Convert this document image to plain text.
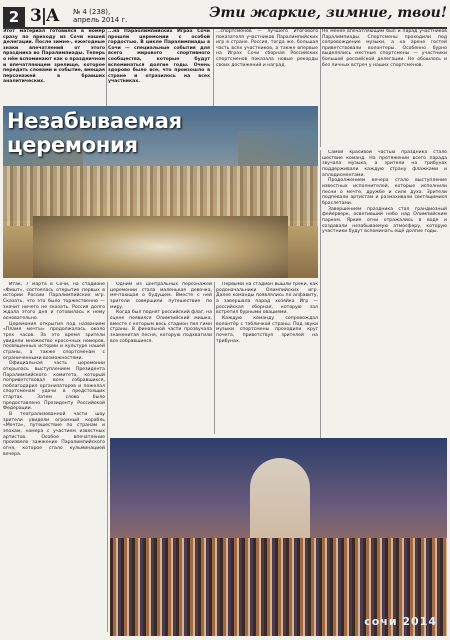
2 3|A № 4 (238),
апрель 2014 г.	Эти жаркие, зимние, твои!
Этот материал готовился в номер сразу по приходу из Сочи нашей делегации. После зимне-, ежегодные знаки впечатлений от этого праздника во Паралимпиады. Теперь о нём вспоминают как о праздничном и впечатляющем зрелище, которое передать словами и событие, вмещая персонажей в бравших аналитических.
...на Параолимпийских Играх Сочи прошли церемонии с особой гордостью. В цикле Паралимпиады в Сочи — специальные события для всего мирового спортивного сообщества, которые будут вспоминаться долгие годы. Очень здорово было все, что произошло в стране и отразилось на всех участниках.
...спортсменов — лучшего итогового показателя участников Паралимпийских игр в стране. Россия, тогда же, большая часть всех участников, а также впервые на Играх Сочи сборная Российских спортсменов показала новые рекорды своих достижений и наград.
Не менее впечатляющим был и парад участников Паралимпиады. Спортсмены проходили под сопровождение музыки, а на арене гостей приветствовали волонтеры. Особенно бурно выделялись местные спортсмены — участники большой российской делегации. Не обошлось и без личных встреч у наших спортсменов.
Незабываемая церемония

Итак, 7 марта в Сочи, на стадионе «Фишт», состоялась открытие первых в истории России Паралимпийских игр. Сказать, что это было торжественно — значит ничего не сказать. Россия долго ждала этого дня и готовилась к нему основательно.

Церемония открытия под названием «Пламя мечты» продолжалась около трех часов. За это время зрители увидели множество красочных номеров, посвященных истории и культуре нашей страны, а также спортсменам с ограниченными возможностями.

Официальная часть церемонии открылась выступлением Президента Паралимпийского комитета, который поприветствовал всех собравшихся, поблагодарил организаторов и пожелал спортсменам удачи в предстоящих стартах. Затем слово было предоставлено Президенту Российской Федерации.

В театрализованной части шоу зрители увидели огромный корабль «Мечта», путешествие по странам и эпохам, номера с участием известных артистов. Особое впечатление произвело зажжение Паралимпийского огня, которое стало кульминацией вечера.

Одним из центральных персонажей церемонии стала маленькая девочка, мечтающая о будущем. Вместе с ней зрители совершили путешествие по миру.

Когда был поднят российский флаг, на сцене появился Олимпийский мишка, вместе с которым весь стадион пел гимн страны. В финальной части прозвучала знаменитая песня, которую подхватили все собравшиеся.

Первыми на стадион вышли греки, как родоначальники Олимпийских игр. Далее команды появлялись по алфавиту, а завершала парад хозяйка Игр — российская сборная, которую зал встретил бурными овациями.

Каждую команду сопровождал волонтёр с табличкой страны. Под звуки музыки спортсмены проходили круг почета, приветствуя зрителей на трибунах.

Самой красивой частью праздника стало шествие команд. На протяжении всего парада звучала музыка, а зрители на трибунах поддерживали каждую страну флажками и аплодисментами.

Продолжением вечера стало выступление известных исполнителей, которые исполнили песни о мечте, дружбе и силе духа. Зрители подпевали артистам и размахивали светящимися браслетами.

Завершением праздника стал грандиозный фейерверк, осветивший небо над Олимпийским парком. Яркие огни отражались в воде и создавали незабываемую атмосферу, которую участники будут вспоминать ещё долгие годы.

сочи 2014
